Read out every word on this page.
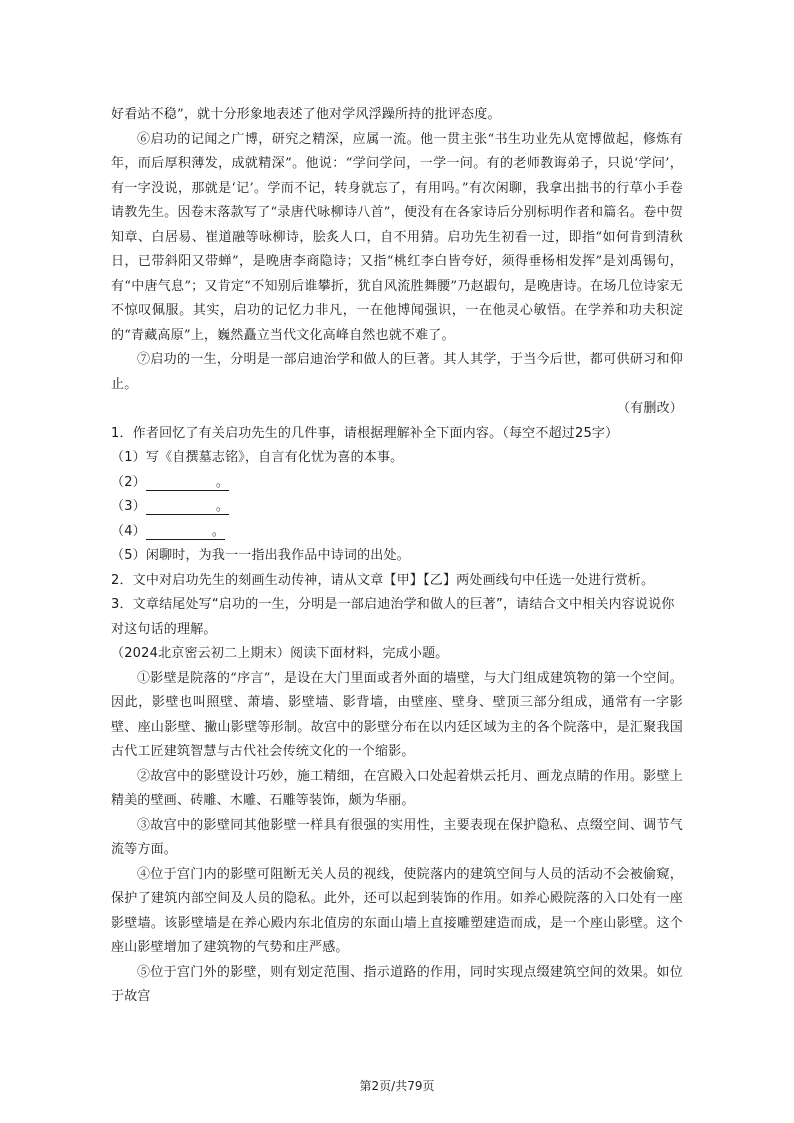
好看站不稳”，就十分形象地表述了他对学风浮躁所持的批评态度。

⑥启功的记闻之广博，研究之精深，应属一流。他一贯主张“书生功业先从宽博做起，修炼有年，而后厚积薄发，成就精深”。他说：“学问学问，一学一问。有的老师教诲弟子，只说‘学问’，有一字没说，那就是‘记’。学而不记，转身就忘了，有用吗。”有次闲聊，我拿出拙书的行草小手卷请教先生。因卷末落款写了“录唐代咏柳诗八首”，便没有在各家诗后分别标明作者和篇名。卷中贺知章、白居易、崔道融等咏柳诗，脍炙人口，自不用猜。启功先生初看一过，即指“如何肯到清秋日，已带斜阳又带蝉”，是晚唐李商隐诗；又指“桃红李白皆夸好，须得垂杨相发挥”是刘禹锡句，有“中唐气息”；又肯定“不知别后谁攀折，犹自风流胜舞腰”乃赵嘏句，是晚唐诗。在场几位诗家无不惊叹佩服。其实，启功的记忆力非凡，一在他博闻强识，一在他灵心敏悟。在学养和功夫积淀的“青藏高原”上，巍然矗立当代文化高峰自然也就不难了。

⑦启功的一生，分明是一部启迪治学和做人的巨著。其人其学，于当今后世，都可供研习和仰止。

（有删改）

1．作者回忆了有关启功先生的几件事，请根据理解补全下面内容。（每空不超过25字）

（1）写《自撰墓志铭》，自言有化忧为喜的本事。

（2）	。

（3）	。

（4）	。

（5）闲聊时，为我一一指出我作品中诗词的出处。

2．文中对启功先生的刻画生动传神，请从文章【甲】【乙】两处画线句中任选一处进行赏析。

3．文章结尾处写“启功的一生，分明是一部启迪治学和做人的巨著”，请结合文中相关内容说说你对这句话的理解。

（2024北京密云初二上期末）阅读下面材料，完成小题。

①影壁是院落的“序言”，是设在大门里面或者外面的墙壁，与大门组成建筑物的第一个空间。因此，影壁也叫照壁、萧墙、影壁墙、影背墙，由壁座、壁身、壁顶三部分组成，通常有一字影壁、座山影壁、撇山影壁等形制。故宫中的影壁分布在以内廷区域为主的各个院落中，是汇聚我国古代工匠建筑智慧与古代社会传统文化的一个缩影。

②故宫中的影壁设计巧妙，施工精细，在宫殿入口处起着烘云托月、画龙点睛的作用。影壁上精美的壁画、砖雕、木雕、石雕等装饰，颇为华丽。

③故宫中的影壁同其他影壁一样具有很强的实用性，主要表现在保护隐私、点缀空间、调节气流等方面。

④位于宫门内的影壁可阻断无关人员的视线，使院落内的建筑空间与人员的活动不会被偷窥，保护了建筑内部空间及人员的隐私。此外，还可以起到装饰的作用。如养心殿院落的入口处有一座影壁墙。该影壁墙是在养心殿内东北值房的东面山墙上直接雕塑建造而成，是一个座山影壁。这个座山影壁增加了建筑物的气势和庄严感。

⑤位于宫门外的影壁，则有划定范围、指示道路的作用，同时实现点缀建筑空间的效果。如位于故宫

第2页/共79页
